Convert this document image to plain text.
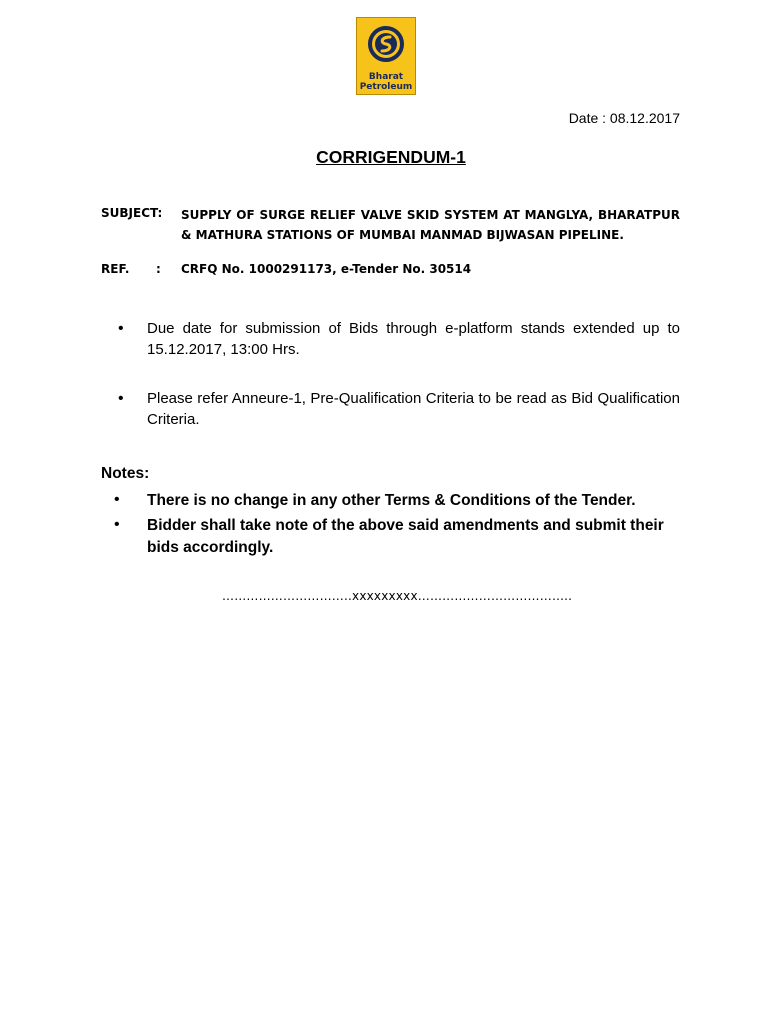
Bharat
Petroleum
Date : 08.12.2017
CORRIGENDUM-1
SUBJECT: SUPPLY OF SURGE RELIEF VALVE SKID SYSTEM AT MANGLYA, BHARATPUR & MATHURA STATIONS OF MUMBAI MANMAD BIJWASAN PIPELINE.
REF. : CRFQ No. 1000291173, e-Tender No. 30514
• Due date for submission of Bids through e-platform stands extended up to 15.12.2017, 13:00 Hrs.
• Please refer Anneure-1, Pre-Qualification Criteria to be read as Bid Qualification Criteria.
Notes:
• There is no change in any other Terms & Conditions of the Tender.
• Bidder shall take note of the above said amendments and submit their bids accordingly.
…………………………..xxxxxxxxx………………………………..
